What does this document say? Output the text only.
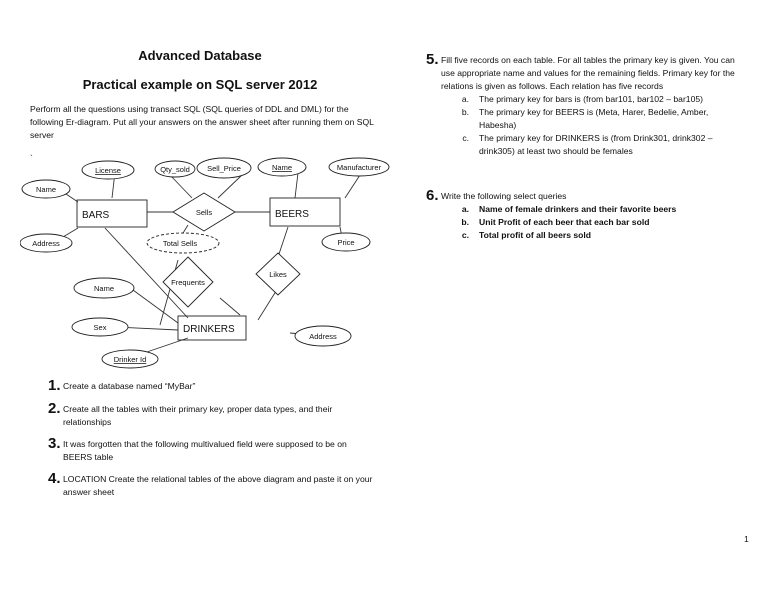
Advanced Database
Practical example on SQL server 2012
Perform all the questions using transact SQL (SQL queries of DDL and DML) for the following Er-diagram. Put all your answers on the answer sheet after running them on SQL server
`
BARS	BEERS
DRINKERS
Sells
Frequents
Likes
License	Qty_sold Sell_Price	Name	Manufacturer
Name
Address	Total Sells	Price
Name
Sex
Drinker Id
Address
1. Create a database named “MyBar”
2. Create all the tables with their primary key, proper data types, and their relationships
3. It was forgotten that the following multivalued field were supposed to be on BEERS table
4. LOCATION Create the relational tables of the above diagram and paste it on your answer sheet
5. Fill five records on each table. For all tables the primary key is given. You can use appropriate name and values for the remaining fields. Primary key for the relations is given as follows. Each relation has five records
a.	The primary key for bars is (from bar101, bar102 – bar105)
b.	The primary key for BEERS is (Meta, Harer, Bedelie, Amber, Habesha)
c.	The primary key for DRINKERS is (from Drink301, drink302 – drink305) at least two should be females
6. Write the following select queries
a.	Name of female drinkers and their favorite beers
b.	Unit Profit of each beer that each bar sold
c.	Total profit of all beers sold
1
